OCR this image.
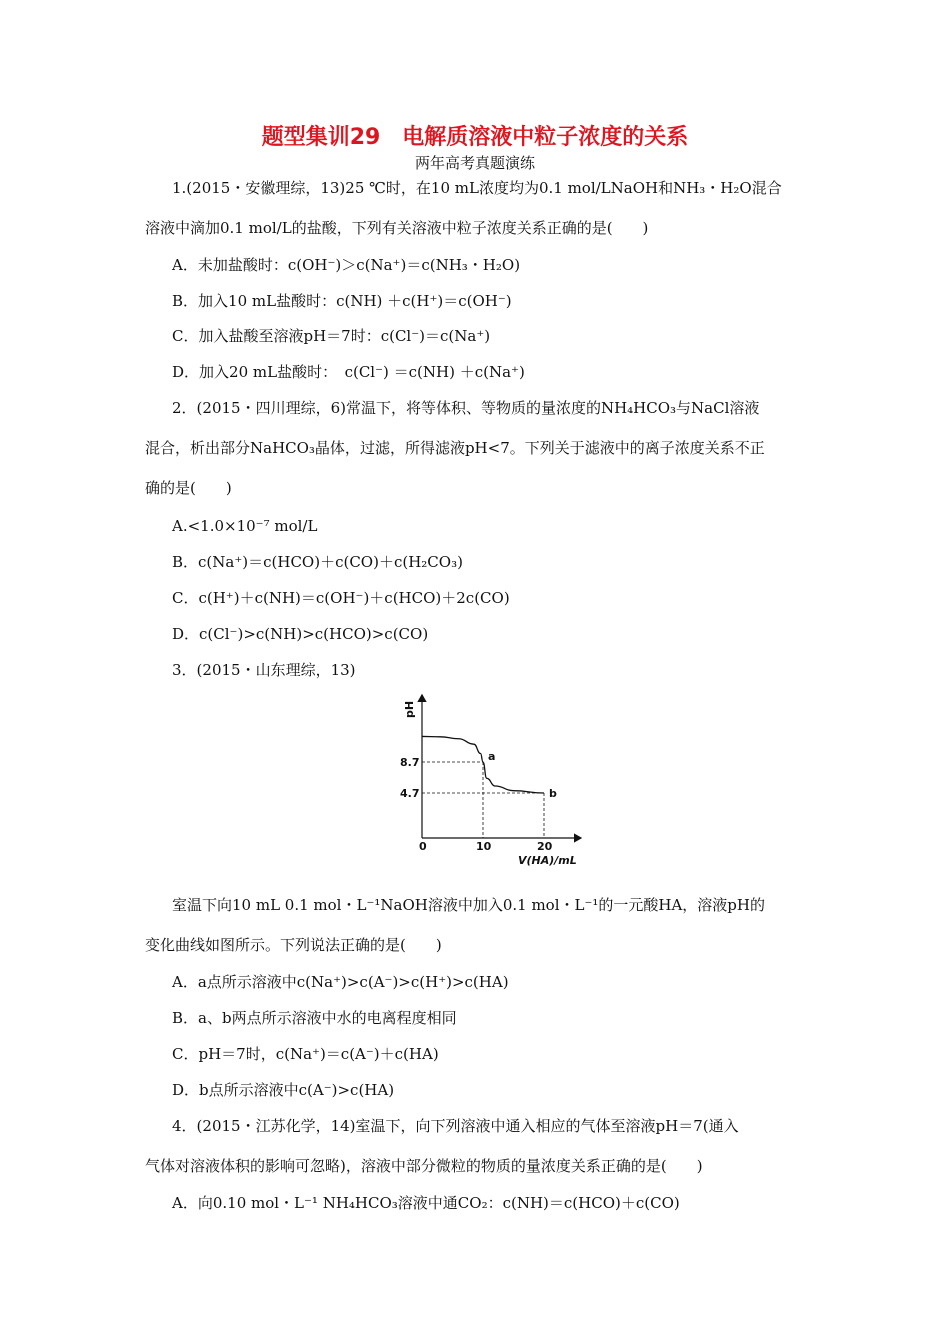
题型集训29　电解质溶液中粒子浓度的关系
两年高考真题演练
1.(2015・安徽理综，13)25 ℃时，在10 mL浓度均为0.1 mol/LNaOH和NH₃・H₂O混合
溶液中滴加0.1 mol/L的盐酸，下列有关溶液中粒子浓度关系正确的是(　　)
A．未加盐酸时：c(OH⁻)＞c(Na⁺)＝c(NH₃・H₂O)
B．加入10 mL盐酸时：c(NH) ＋c(H⁺)＝c(OH⁻)
C．加入盐酸至溶液pH＝7时：c(Cl⁻)＝c(Na⁺)
D．加入20 mL盐酸时：　c(Cl⁻) ＝c(NH) ＋c(Na⁺)
2．(2015・四川理综，6)常温下，将等体积、等物质的量浓度的NH₄HCO₃与NaCl溶液
混合，析出部分NaHCO₃晶体，过滤，所得滤液pH<7。下列关于滤液中的离子浓度关系不正
确的是(　　)
A.<1.0×10⁻⁷ mol/L
B．c(Na⁺)＝c(HCO)＋c(CO)＋c(H₂CO₃)
C．c(H⁺)＋c(NH)＝c(OH⁻)＋c(HCO)＋2c(CO)
D．c(Cl⁻)>c(NH)>c(HCO)>c(CO)
3．(2015・山东理综，13)
pH
V(HA)/mL
0
a
b
8.7
4.7
10	20
室温下向10 mL 0.1 mol・L⁻¹NaOH溶液中加入0.1 mol・L⁻¹的一元酸HA，溶液pH的
变化曲线如图所示。下列说法正确的是(　　)
A．a点所示溶液中c(Na⁺)>c(A⁻)>c(H⁺)>c(HA)
B．a、b两点所示溶液中水的电离程度相同
C．pH＝7时，c(Na⁺)＝c(A⁻)＋c(HA)
D．b点所示溶液中c(A⁻)>c(HA)
4．(2015・江苏化学，14)室温下，向下列溶液中通入相应的气体至溶液pH＝7(通入
气体对溶液体积的影响可忽略)，溶液中部分微粒的物质的量浓度关系正确的是(　　)
A．向0.10 mol・L⁻¹ NH₄HCO₃溶液中通CO₂：c(NH)＝c(HCO)＋c(CO)
